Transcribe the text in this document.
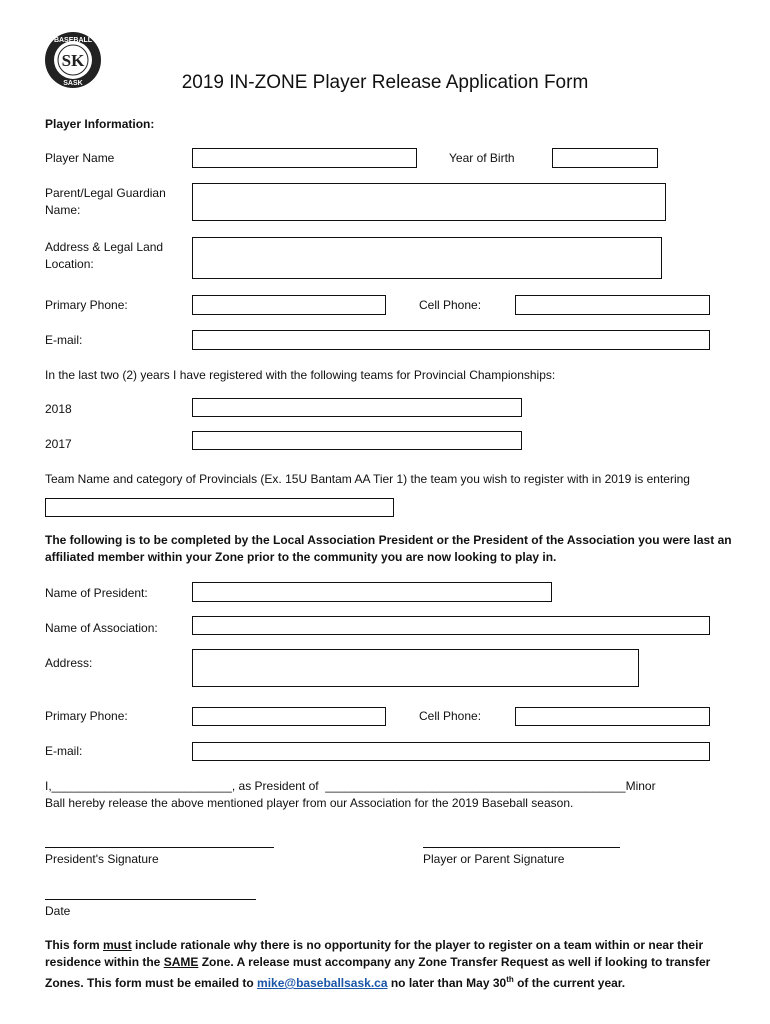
SK
BASEBALL
SASK	2019 IN-ZONE Player Release Application Form
Player Information:
Player Name	Year of Birth
Parent/Legal Guardian
Name:
Address & Legal Land
Location:
Primary Phone:	Cell Phone:
E-mail:
In the last two (2) years I have registered with the following teams for Provincial Championships:
2018
2017
Team Name and category of Provincials (Ex. 15U Bantam AA Tier 1) the team you wish to register with in 2019 is entering
The following is to be completed by the Local Association President or the President of the Association you were last an affiliated member within your Zone prior to the community you are now looking to play in.
Name of President:
Name of Association:
Address:
Primary Phone:	Cell Phone:
E-mail:
I,___________________________, as President of _____________________________________________Minor
Ball hereby release the above mentioned player from our Association for the 2019 Baseball season.
President's Signature	Player or Parent Signature
Date
This form must include rationale why there is no opportunity for the player to register on a team within or near their residence within the SAME Zone. A release must accompany any Zone Transfer Request as well if looking to transfer Zones. This form must be emailed to mike@baseballsask.ca no later than May 30th of the current year.
